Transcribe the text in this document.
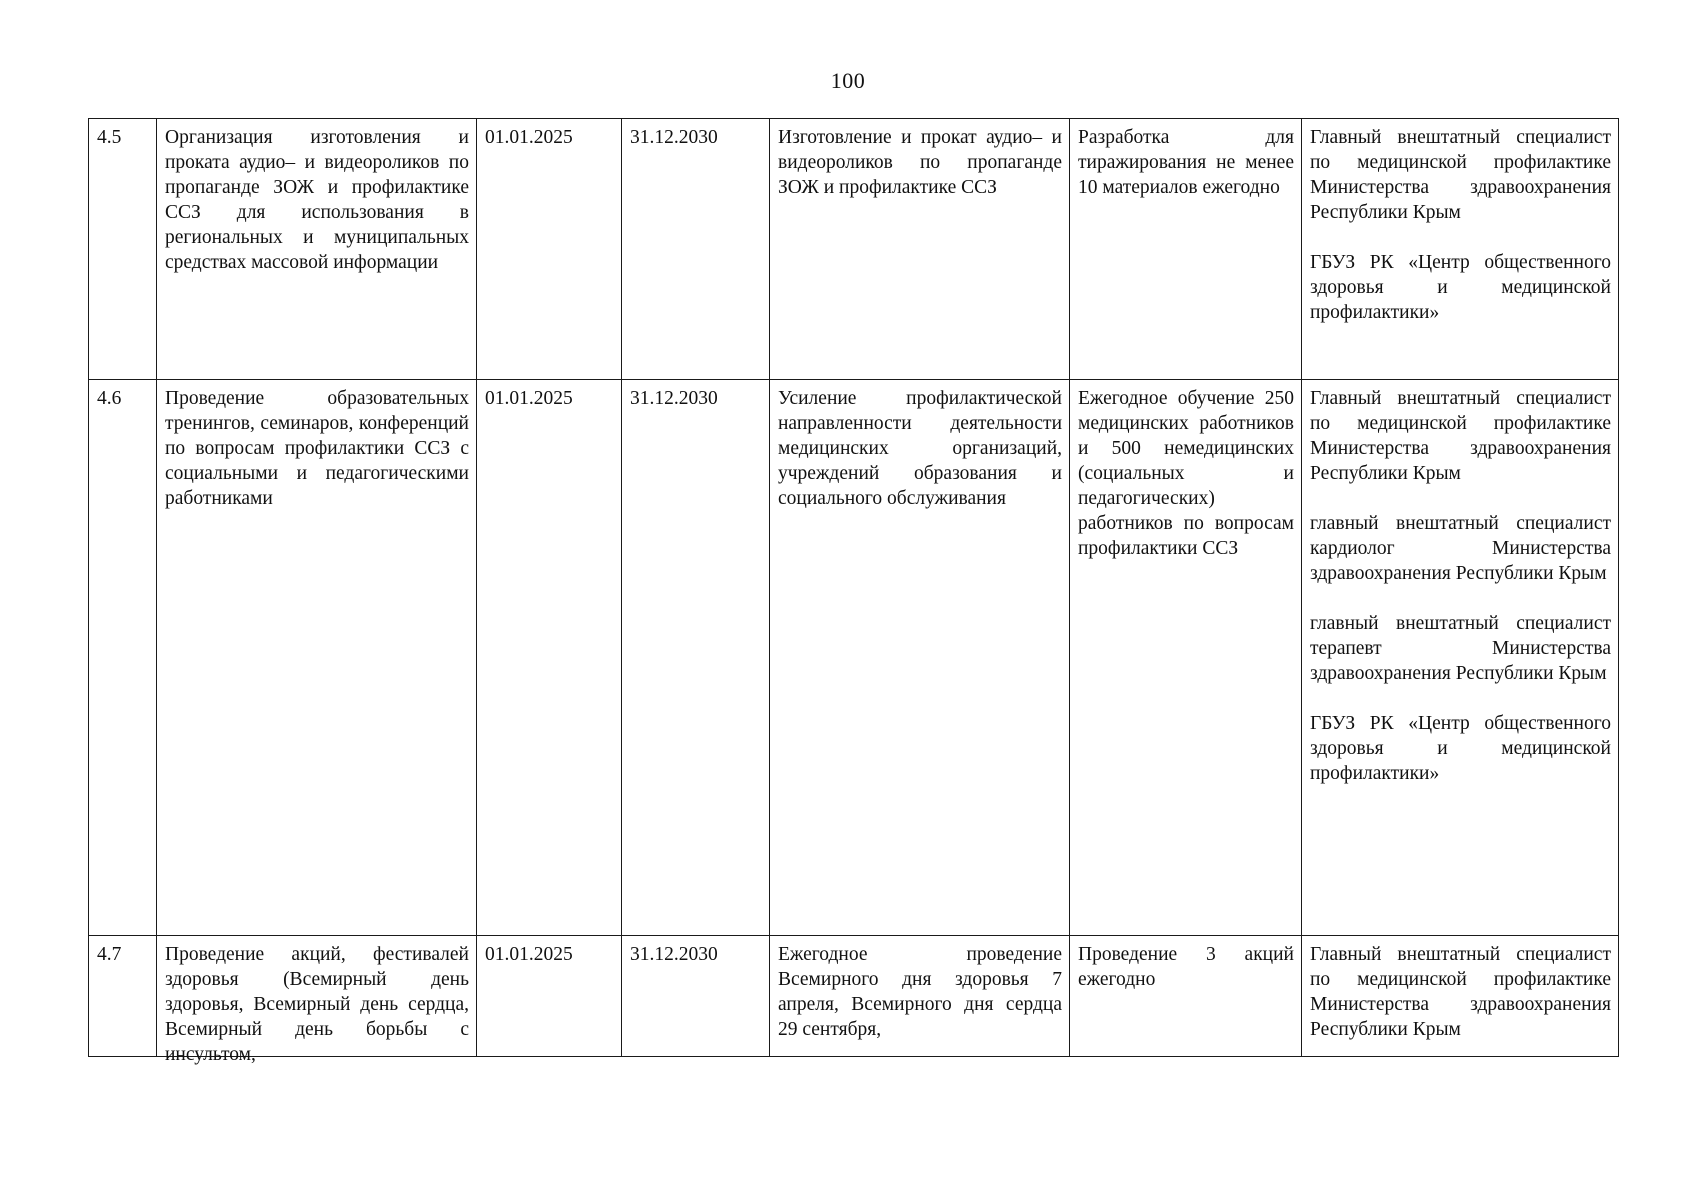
100
4.5	Организация изготовления и проката аудио– и видеороликов по пропаганде ЗОЖ и профилактике ССЗ для использования в региональных и муниципальных средствах массовой информации	01.01.2025	31.12.2030	Изготовление и прокат аудио– и видеороликов по пропаганде ЗОЖ и профилактике ССЗ	Разработка для тиражирования не менее 10 материалов ежегодно	Главный внештатный специалист по медицинской профилактике Министерства здравоохранения Республики Крым
ГБУЗ РК «Центр общественного здоровья и медицинской профилактики»

4.6	Проведение образовательных тренингов, семинаров, конференций по вопросам профилактики ССЗ с социальными и педагогическими работниками	01.01.2025	31.12.2030	Усиление профилактической направленности деятельности медицинских организаций, учреждений образования и социального обслуживания	Ежегодное обучение 250 медицинских работников и 500 немедицинских (социальных и педагогических) работников по вопросам профилактики ССЗ	Главный внештатный специалист по медицинской профилактике Министерства здравоохранения Республики Крым
главный внештатный специалист кардиолог Министерства здравоохранения Республики Крым
главный внештатный специалист терапевт Министерства здравоохранения Республики Крым
ГБУЗ РК «Центр общественного здоровья и медицинской профилактики»

4.7	Проведение акций, фестивалей здоровья (Всемирный день здоровья, Всемирный день сердца, Всемирный день борьбы с инсультом,	01.01.2025	31.12.2030	Ежегодное проведение Всемирного дня здоровья 7 апреля, Всемирного дня сердца 29 сентября,	Проведение 3 акций ежегодно	Главный внештатный специалист по медицинской профилактике Министерства здравоохранения Республики Крым
